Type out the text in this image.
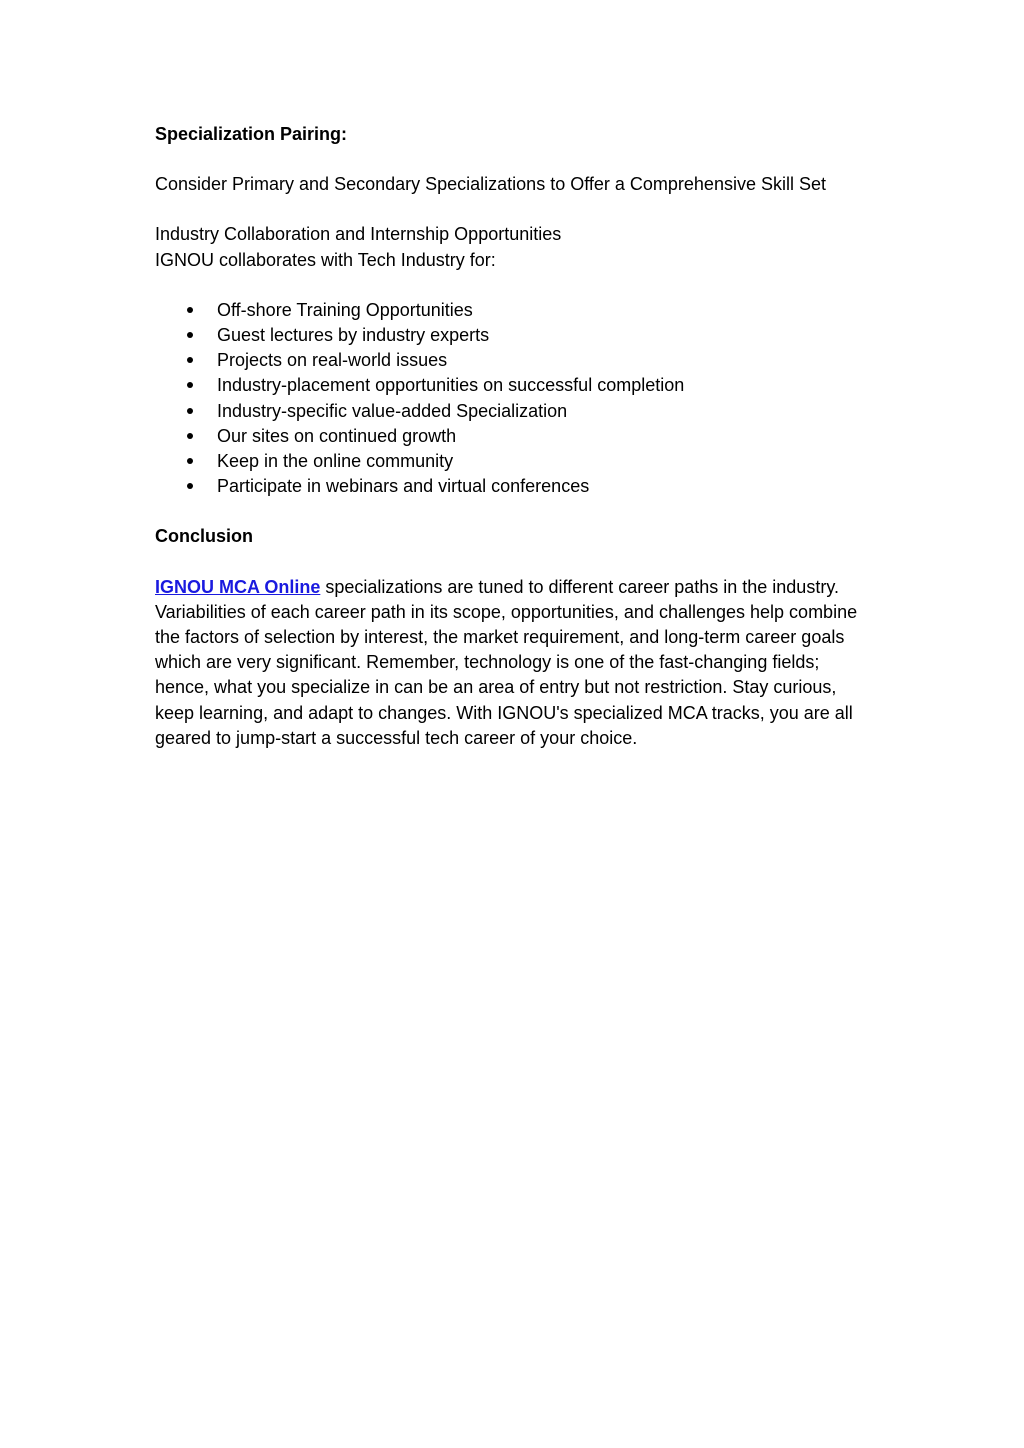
Specialization Pairing:

Consider Primary and Secondary Specializations to Offer a Comprehensive Skill Set

Industry Collaboration and Internship Opportunities

IGNOU collaborates with Tech Industry for:

Off-shore Training Opportunities
Guest lectures by industry experts
Projects on real-world issues
Industry-placement opportunities on successful completion
Industry-specific value-added Specialization
Our sites on continued growth
Keep in the online community
Participate in webinars and virtual conferences

Conclusion

IGNOU MCA Online specializations are tuned to different career paths in the industry. Variabilities of each career path in its scope, opportunities, and challenges help combine the factors of selection by interest, the market requirement, and long-term career goals which are very significant. Remember, technology is one of the fast-changing fields; hence, what you specialize in can be an area of entry but not restriction. Stay curious, keep learning, and adapt to changes. With IGNOU's specialized MCA tracks, you are all geared to jump-start a successful tech career of your choice.
